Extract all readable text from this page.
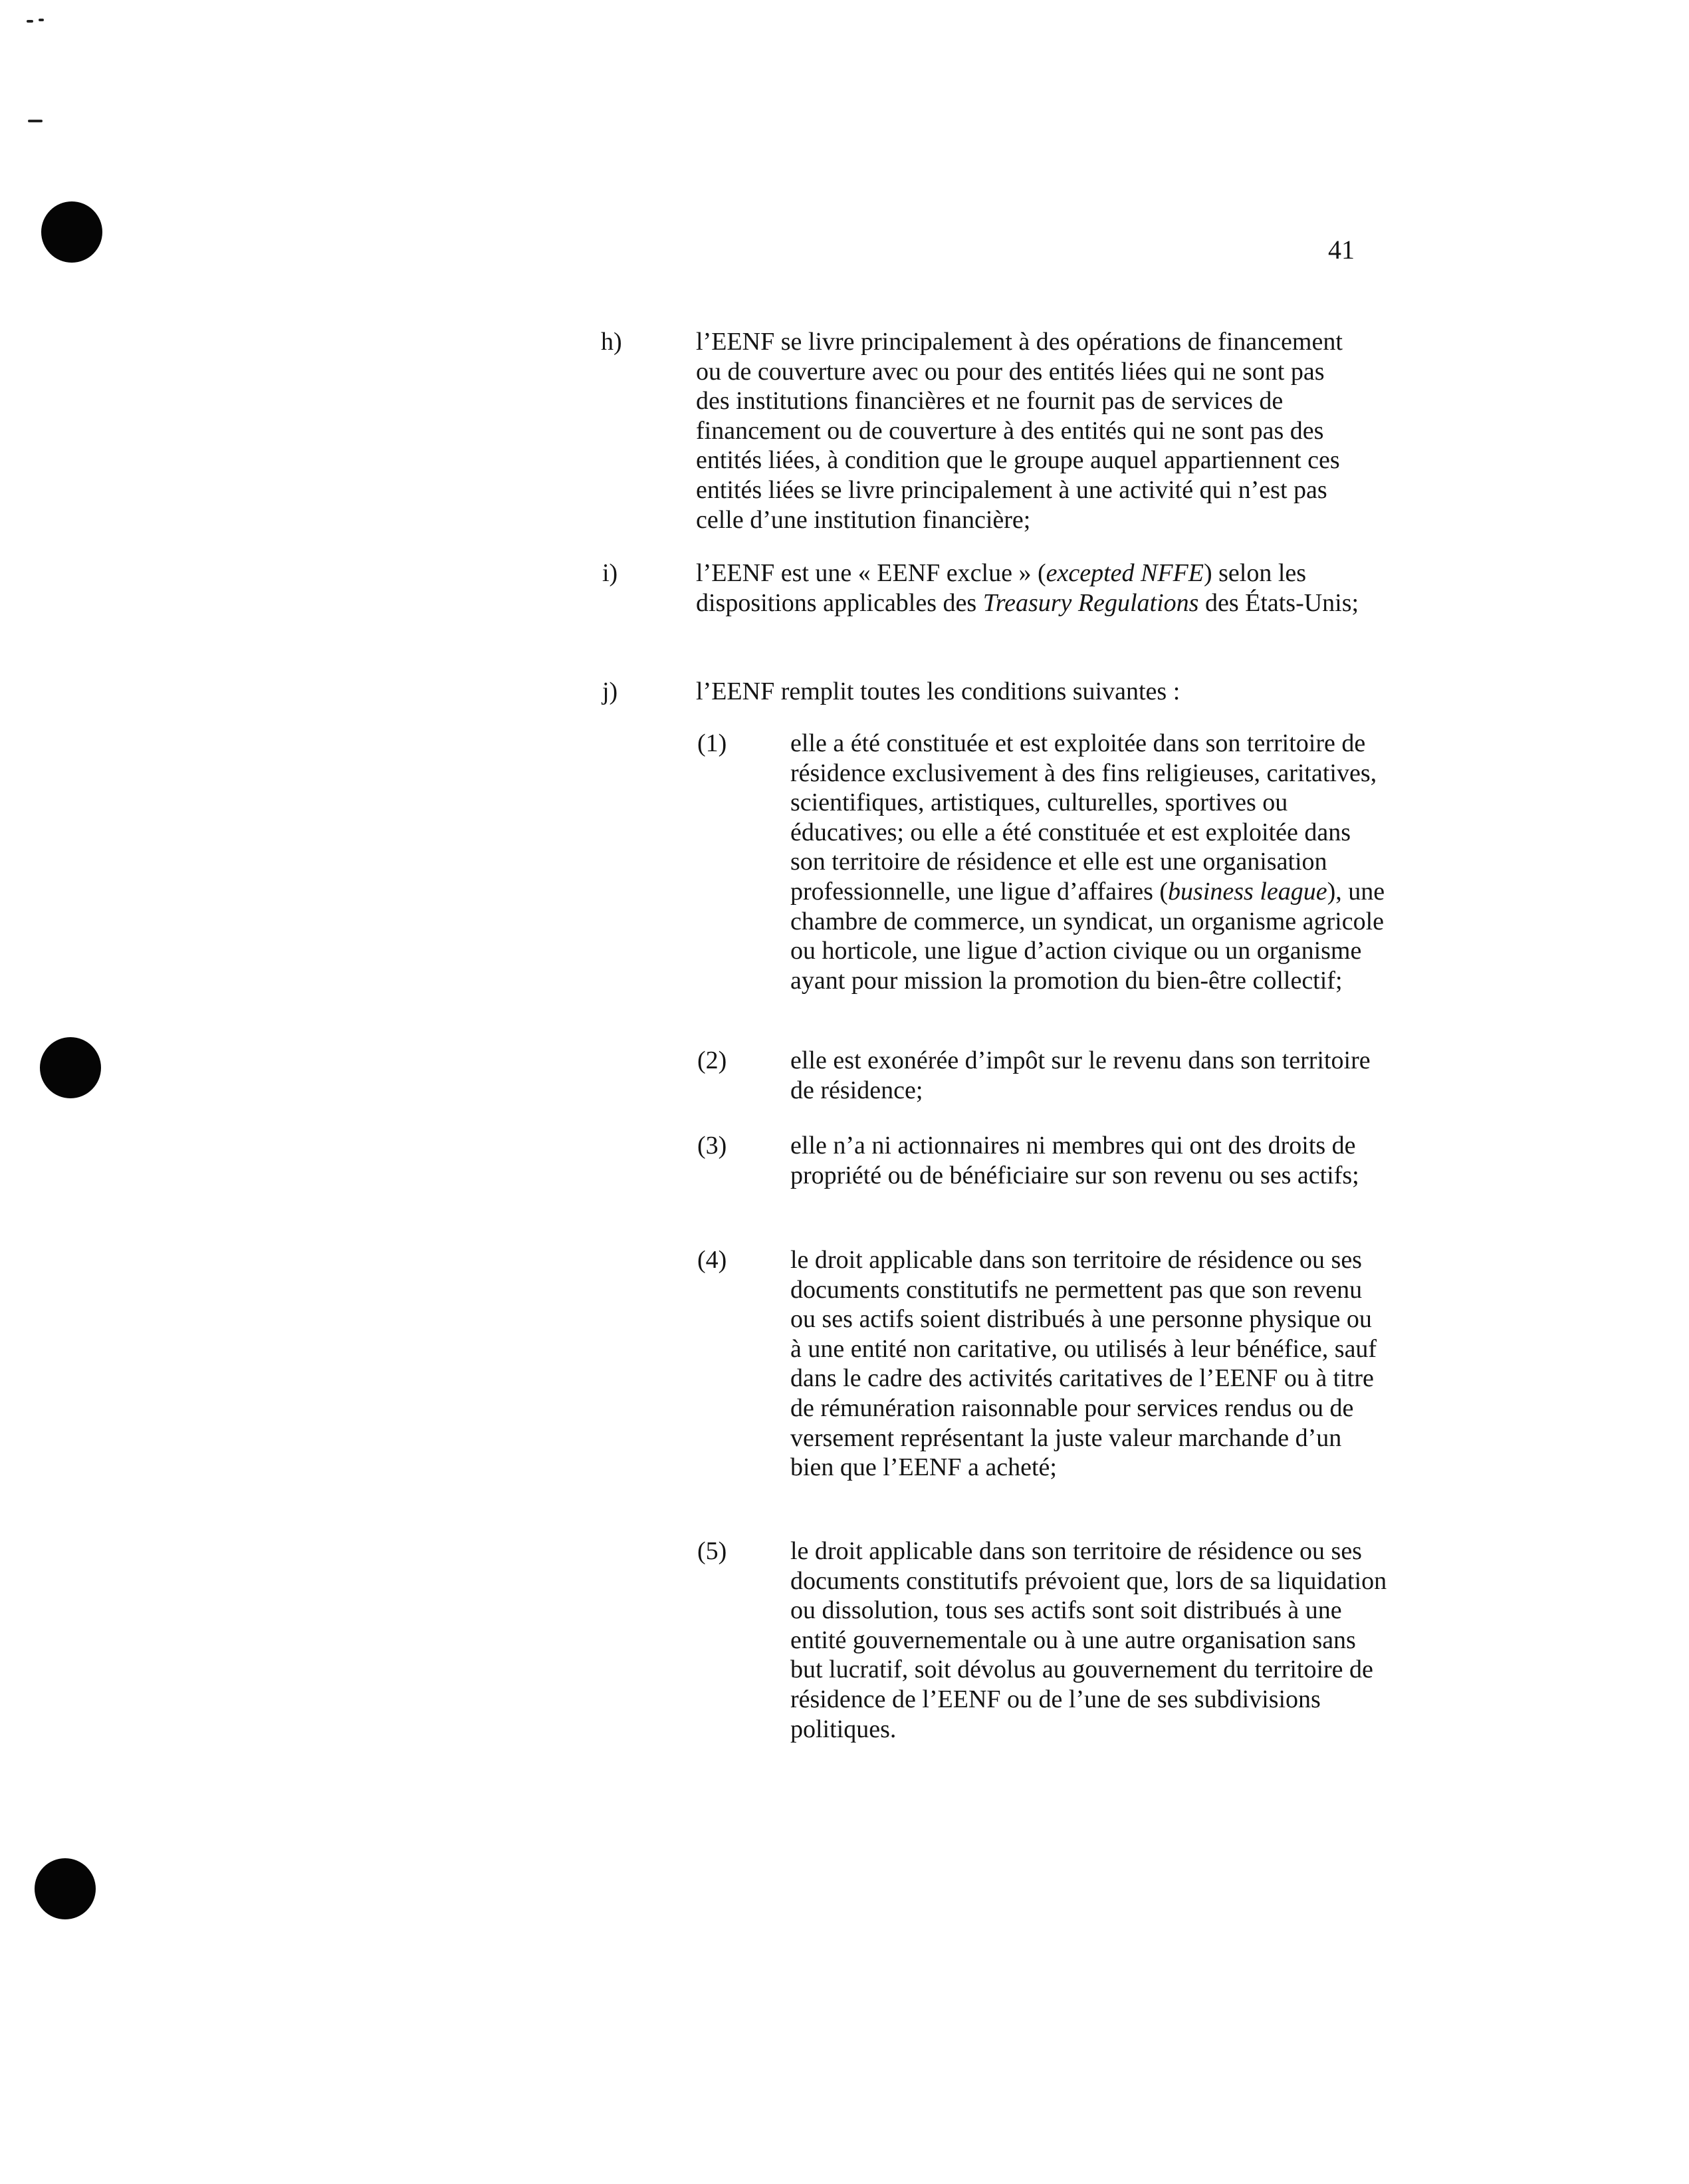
41
h)	l’EENF se livre principalement à des opérations de financement ou de couverture avec ou pour des entités liées qui ne sont pas des institutions financières et ne fournit pas de services de financement ou de couverture à des entités qui ne sont pas des entités liées, à condition que le groupe auquel appartiennent ces entités liées se livre principalement à une activité qui n’est pas celle d’une institution financière;
i)	l’EENF est une « EENF exclue » (excepted NFFE) selon les dispositions applicables des Treasury Regulations des États-Unis;
j)	l’EENF remplit toutes les conditions suivantes :
(1)	elle a été constituée et est exploitée dans son territoire de résidence exclusivement à des fins religieuses, caritatives, scientifiques, artistiques, culturelles, sportives ou éducatives; ou elle a été constituée et est exploitée dans son territoire de résidence et elle est une organisation professionnelle, une ligue d’affaires (business league), une chambre de commerce, un syndicat, un organisme agricole ou horticole, une ligue d’action civique ou un organisme ayant pour mission la promotion du bien-être collectif;
(2)	elle est exonérée d’impôt sur le revenu dans son territoire de résidence;
(3)	elle n’a ni actionnaires ni membres qui ont des droits de propriété ou de bénéficiaire sur son revenu ou ses actifs;
(4)	le droit applicable dans son territoire de résidence ou ses documents constitutifs ne permettent pas que son revenu ou ses actifs soient distribués à une personne physique ou à une entité non caritative, ou utilisés à leur bénéfice, sauf dans le cadre des activités caritatives de l’EENF ou à titre de rémunération raisonnable pour services rendus ou de versement représentant la juste valeur marchande d’un bien que l’EENF a acheté;
(5)	le droit applicable dans son territoire de résidence ou ses documents constitutifs prévoient que, lors de sa liquidation ou dissolution, tous ses actifs sont soit distribués à une entité gouvernementale ou à une autre organisation sans but lucratif, soit dévolus au gouvernement du territoire de résidence de l’EENF ou de l’une de ses subdivisions politiques.
